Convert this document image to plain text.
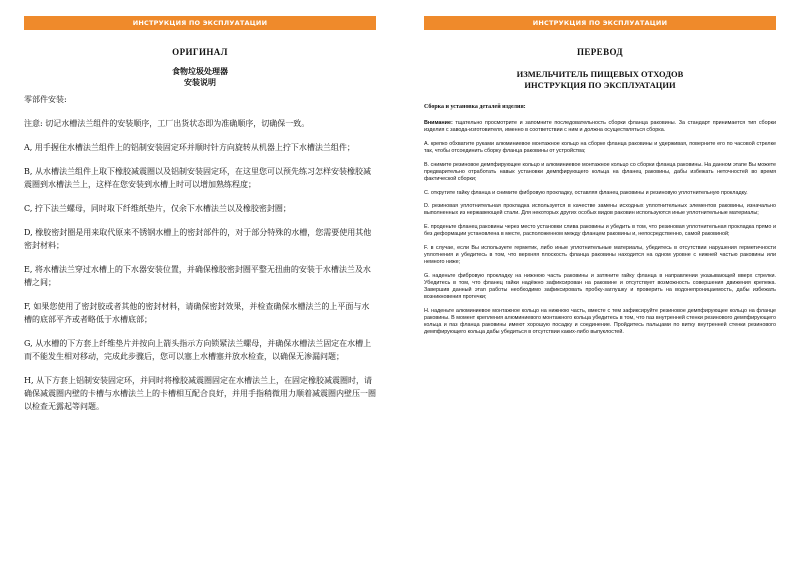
ИНСТРУКЦИЯ ПО ЭКСПЛУАТАЦИИ
ОРИГИНАЛ
食物垃圾处理器
安装说明

零部件安装:

注意: 切记水槽法兰组件的安装顺序，工厂出货状态即为准确顺序，切确保一致。

A, 用手握住水槽法兰组件上的铝制安装固定环并顺时针方向旋转从机器上拧下水槽法兰组件；

B, 从水槽法兰组件上取下橡胶减震圈以及铝制安装固定环，在这里您可以预先练习怎样安装橡胶减震圈到水槽法兰上，这样在您安装到水槽上时可以增加熟练程度；

C, 拧下法兰螺母，同时取下纤维纸垫片，仅余下水槽法兰以及橡胶密封圈；

D, 橡胶密封圈是用来取代原来不锈钢水槽上的密封部件的，对于部分特殊的水槽，您需要使用其他密封材料；

E, 将水槽法兰穿过水槽上的下水器安装位置，并确保橡胶密封圈平整无扭曲的安装于水槽法兰及水槽之间；

F, 如果您使用了密封胶或者其他的密封材料，请确保密封效果，并检查确保水槽法兰的上平面与水槽的底部平齐或者略低于水槽底部；

G, 从水槽的下方套上纤维垫片并按向上箭头指示方向锁紧法兰螺母，并确保水槽法兰固定在水槽上而不能发生相对移动，完成此步骤后，您可以塞上水槽塞并放水检查，以确保无渗漏问题；

H, 从下方套上铝制安装固定环，并同时将橡胶减震圈固定在水槽法兰上，在固定橡胶减震圈时，请确保减震圈内壁的卡槽与水槽法兰上的卡槽相互配合良好，并用手指稍微用力顺着减震圈内壁压一圈以检查无露起等问题。

ИНСТРУКЦИЯ ПО ЭКСПЛУАТАЦИИ
ПЕРЕВОД
ИЗМЕЛЬЧИТЕЛЬ ПИЩЕВЫХ ОТХОДОВ
ИНСТРУКЦИЯ ПО ЭКСПЛУАТАЦИИ
Сборка и установка деталей изделия:

Внимание: тщательно просмотрите и запомните последовательность сборки фланца раковины. За стандарт принимается тип сборки изделия с завода-изготовителя, именно в соответствии с ним и должна осуществляться сборка.

А. крепко обхватите руками алюминиевое монтажное кольцо на сборке фланца раковины и удерживая, поверните его по часовой стрелке так, чтобы отсоединить сборку фланца раковины от устройства;

В. снимите резиновое демпфирующее кольцо и алюминиевое монтажное кольцо со сборки фланца раковины. На данном этапе Вы можете предварительно отработать навык установки демпфирующего кольца на фланец раковины, дабы избежать неточностей во время фактической сборки;

С. открутите гайку фланца и снимите фибровую прокладку, оставляя фланец раковины и резиновую уплотнительную прокладку.

D. резиновая уплотнительная прокладка используется в качестве замены исходных уплотнительных элементов раковины, изначально выполненных из нержавеющей стали. Для некоторых других особых видов раковин используются иные уплотнительные материалы;

Е. проденьте фланец раковины через место установки слива раковины и убедить в том, что резиновая уплотнительная прокладка прямо и без деформации установлена в месте, расположенном между фланцем раковины и, непосредственно, самой раковиной;

F. в случае, если Вы используете герметик, либо иные уплотнительные материалы, убедитесь в отсутствии нарушения герметичности уплотнения и убедитесь в том, что верхняя плоскость фланца раковины находится на одном уровне с нижней частью раковины или немного ниже;

G. наденьте фибровую прокладку на нижнюю часть раковины и затяните гайку фланца в направлении указывающей вверх стрелки. Убедитесь в том, что фланец гайки надёжно зафиксирован на раковине и отсутствует возможность совершения движения крепежа. Завершив данный этап работы необходимо зафиксировать пробку-заглушку и проверить на водонепроницаемость, дабы избежать возникновения протечки;

Н. наденьте алюминиевое монтажное кольцо на нижнюю часть, вместе с тем зафиксируйте резиновое демпфирующее кольцо на фланце раковины. В момент крепления алюминиевого монтажного кольца убедитесь в том, что паз внутренней стенки резинового демпфирующего кольца и паз фланца раковины имеют хорошую посадку и соединение. Пройдитесь пальцами по витку внутренней стенки резинового демпфирующего кольца дабы убедиться в отсутствии каких-либо выпуклостей.
